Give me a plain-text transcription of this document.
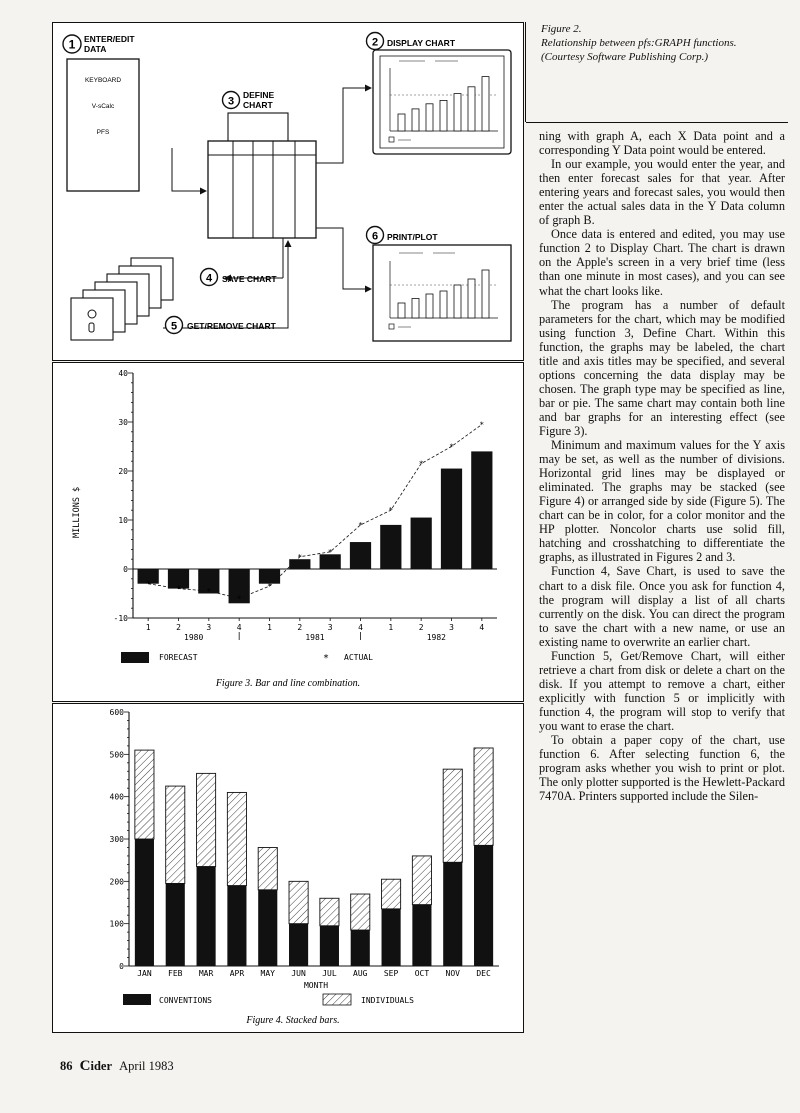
1 ENTER/EDIT
DATA
KEYBOARD
V-sCalc
PFS
3
DEFINE
CHART
2 DISPLAY CHART
6 PRINT/PLOT
4 SAVE CHART
5 GET/REMOVE CHART
-10
0
10
20
30
40
*
*	*
*
*
*
*
*
*
*
*
*
1	2	3	4	1	2	3	4	1	2	3	4
1980	1981	1982
MILLIONS $
FORECAST	* ACTUAL
Figure 3. Bar and line combination.
0
100
200
300
400
500
600
JAN FEB MAR APR MAY JUN JUL AUG SEP OCT NOV DEC
MONTH
CONVENTIONS	INDIVIDUALS
Figure 4. Stacked bars.
Figure 2.
Relationship between pfs:GRAPH functions. (Courtesy Software Publishing Corp.)

ning with graph A, each X Data point and a corresponding Y Data point would be entered.

In our example, you would enter the year, and then enter forecast sales for that year. After entering years and forecast sales, you would then enter the actual sales data in the Y Data column of graph B.

Once data is entered and edited, you may use function 2 to Display Chart. The chart is drawn on the Apple's screen in a very brief time (less than one minute in most cases), and you can see what the chart looks like.

The program has a number of default parameters for the chart, which may be modified using function 3, Define Chart. Within this function, the graphs may be labeled, the chart title and axis titles may be specified, and several options concerning the data display may be chosen. The graph type may be specified as line, bar or pie. The same chart may contain both line and bar graphs for an interesting effect (see Figure 3).

Minimum and maximum values for the Y axis may be set, as well as the number of divisions. Horizontal grid lines may be displayed or eliminated. The graphs may be stacked (see Figure 4) or arranged side by side (Figure 5). The chart can be in color, for a color monitor and the HP plotter. Noncolor charts use solid fill, hatching and crosshatching to differentiate the graphs, as illustrated in Figures 2 and 3.

Function 4, Save Chart, is used to save the chart to a disk file. Once you ask for function 4, the program will display a list of all charts currently on the disk. You can direct the program to save the chart with a new name, or use an existing name to overwrite an earlier chart.

Function 5, Get/Remove Chart, will either retrieve a chart from disk or delete a chart on the disk. If you attempt to remove a chart, either explicitly with function 5 or implicitly with function 4, the program will stop to verify that you want to erase the chart.

To obtain a paper copy of the chart, use function 6. After selecting function 6, the program asks whether you wish to print or plot. The only plotter supported is the Hewlett-Packard 7470A. Printers supported include the Silen-

86 Cider April 1983
